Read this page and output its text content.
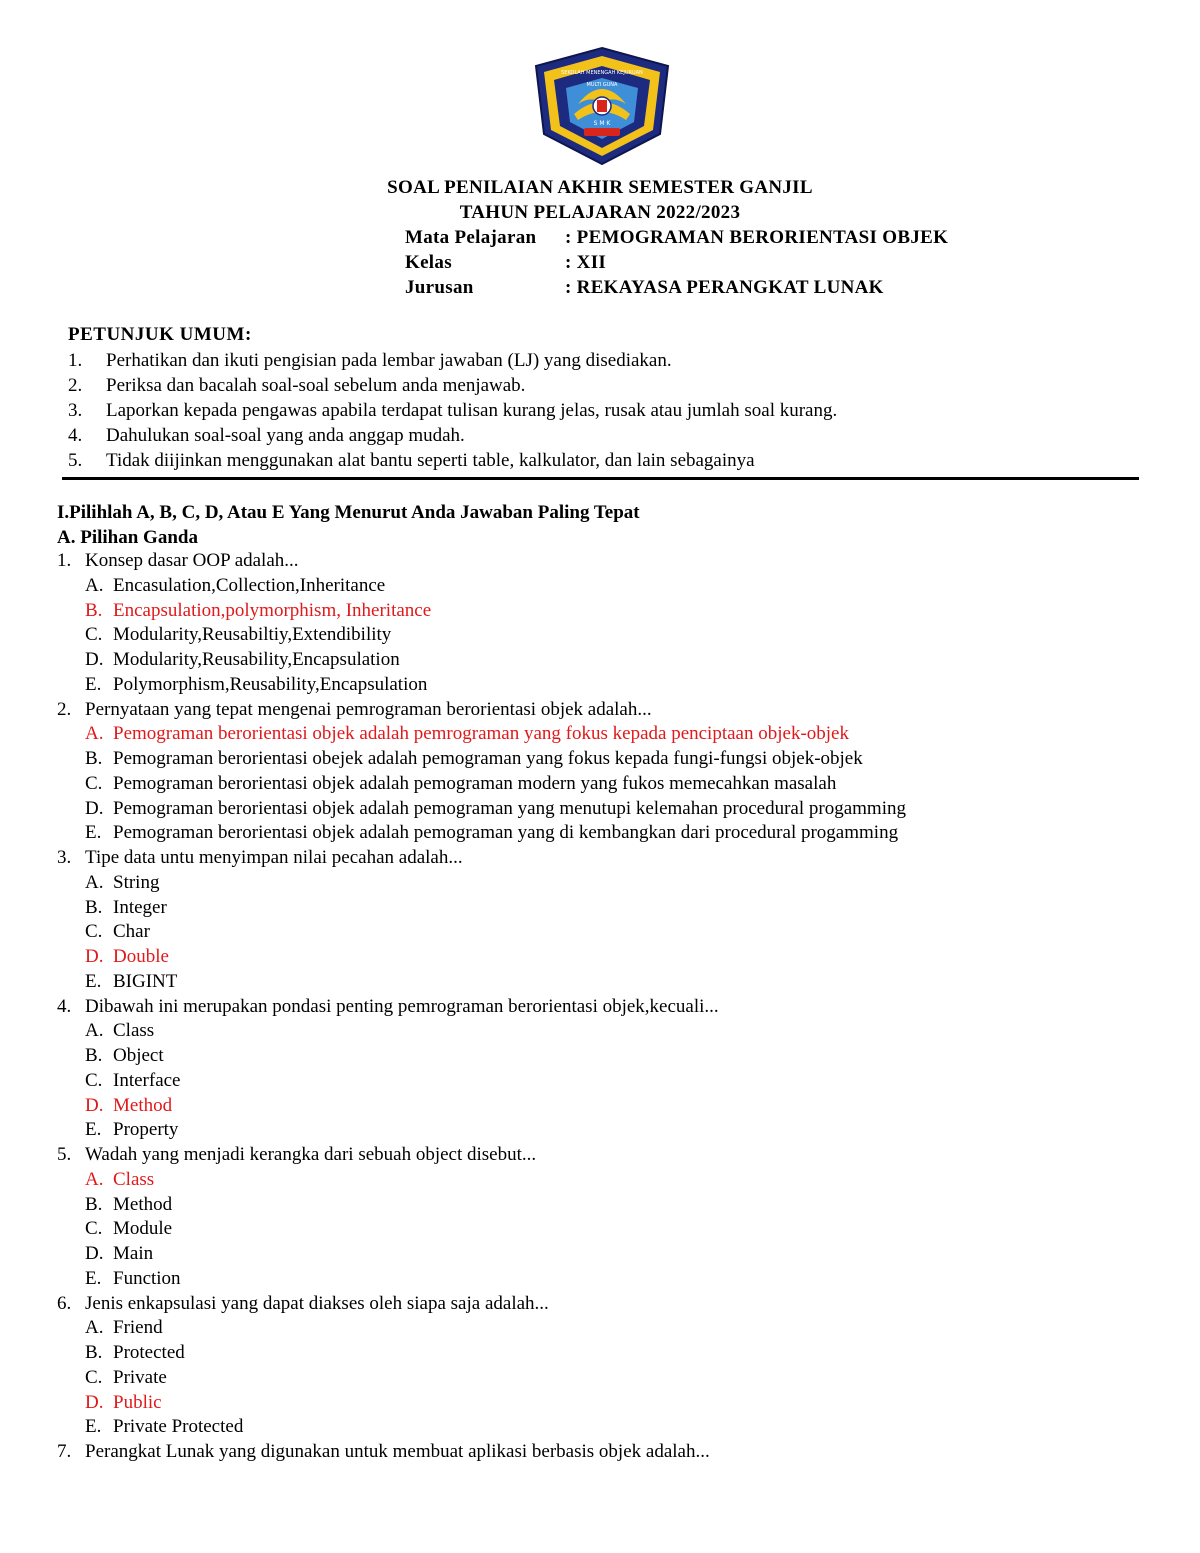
S M K
SEKOLAH MENENGAH KEJURUAN
MULTI GUNA
SOAL PENILAIAN AKHIR SEMESTER GANJIL
TAHUN PELAJARAN 2022/2023
Mata Pelajaran	: PEMOGRAMAN BERORIENTASI OBJEK
Kelas	: XII
Jurusan	: REKAYASA PERANGKAT LUNAK
PETUNJUK UMUM:
1.	Perhatikan dan ikuti pengisian pada lembar jawaban (LJ) yang disediakan.
2.	Periksa dan bacalah soal-soal sebelum anda menjawab.
3.	Laporkan kepada pengawas apabila terdapat tulisan kurang jelas, rusak atau jumlah soal kurang.
4.	Dahulukan soal-soal yang anda anggap mudah.
5.	Tidak diijinkan menggunakan alat bantu seperti table, kalkulator, dan lain sebagainya
I.Pilihlah A, B, C, D, Atau E Yang Menurut Anda Jawaban Paling Tepat
A. Pilihan Ganda
1. Konsep dasar OOP adalah...
A. Encasulation,Collection,Inheritance
B. Encapsulation,polymorphism, Inheritance
C. Modularity,Reusabiltiy,Extendibility
D. Modularity,Reusability,Encapsulation
E. Polymorphism,Reusability,Encapsulation
2. Pernyataan yang tepat mengenai pemrograman berorientasi objek adalah...
A. Pemograman berorientasi objek adalah pemrograman yang fokus kepada penciptaan objek-objek
B. Pemograman berorientasi obejek adalah pemograman yang fokus kepada fungi-fungsi objek-objek
C. Pemograman berorientasi objek adalah pemograman modern yang fukos memecahkan masalah
D. Pemograman berorientasi objek adalah pemograman yang menutupi kelemahan procedural progamming
E. Pemograman berorientasi objek adalah pemograman yang di kembangkan dari procedural progamming
3. Tipe data untu menyimpan nilai pecahan adalah...
A. String
B. Integer
C. Char
D. Double
E. BIGINT
4. Dibawah ini merupakan pondasi penting pemrograman berorientasi objek,kecuali...
A. Class
B. Object
C. Interface
D. Method
E. Property
5. Wadah yang menjadi kerangka dari sebuah object disebut...
A. Class
B. Method
C. Module
D. Main
E. Function
6. Jenis enkapsulasi yang dapat diakses oleh siapa saja adalah...
A. Friend
B. Protected
C. Private
D. Public
E. Private Protected
7. Perangkat Lunak yang digunakan untuk membuat aplikasi berbasis objek adalah...
